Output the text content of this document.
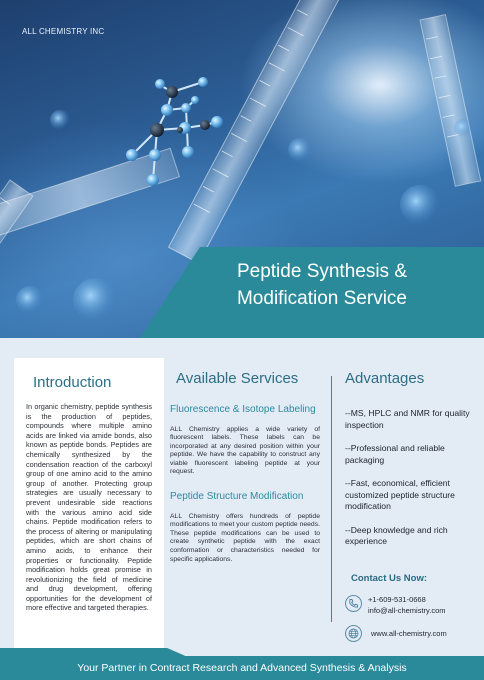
ALL CHEMISTRY INC
Peptide Synthesis &
Modification Service
Introduction
In organic chemistry, peptide synthesis is the production of peptides, compounds where multiple amino acids are linked via amide bonds, also known as peptide bonds. Peptides are chemically synthesized by the condensation reaction of the carboxyl group of one amino acid to the amino group of another. Protecting group strategies are usually necessary to prevent undesirable side reactions with the various amino acid side chains. Peptide modification refers to the process of altering or manipulating peptides, which are short chains of amino acids, to enhance their properties or functionality. Peptide modification holds great promise in revolutionizing the field of medicine and drug development, offering opportunities for the development of more effective and targeted therapies.
Available Services
Fluorescence & Isotope Labeling
ALL Chemistry applies a wide variety of fluorescent labels. These labels can be incorporated at any desired position within your peptide. We have the capability to construct any viable fluorescent labeling peptide at your request.
Peptide Structure Modification
ALL Chemistry offers hundreds of peptide modifications to meet your custom peptide needs. These peptide modifications can be used to create synthetic peptide with the exact conformation or characteristics needed for specific applications.
Advantages
--MS, HPLC and NMR for quality inspection
--Professional and reliable packaging
--Fast, economical, efficient customized peptide structure modification
--Deep knowledge and rich experience
Contact Us Now:
+1-609-531-0668
info@all-chemistry.com
www.all-chemistry.com
Your Partner in Contract Research and Advanced Synthesis & Analysis
